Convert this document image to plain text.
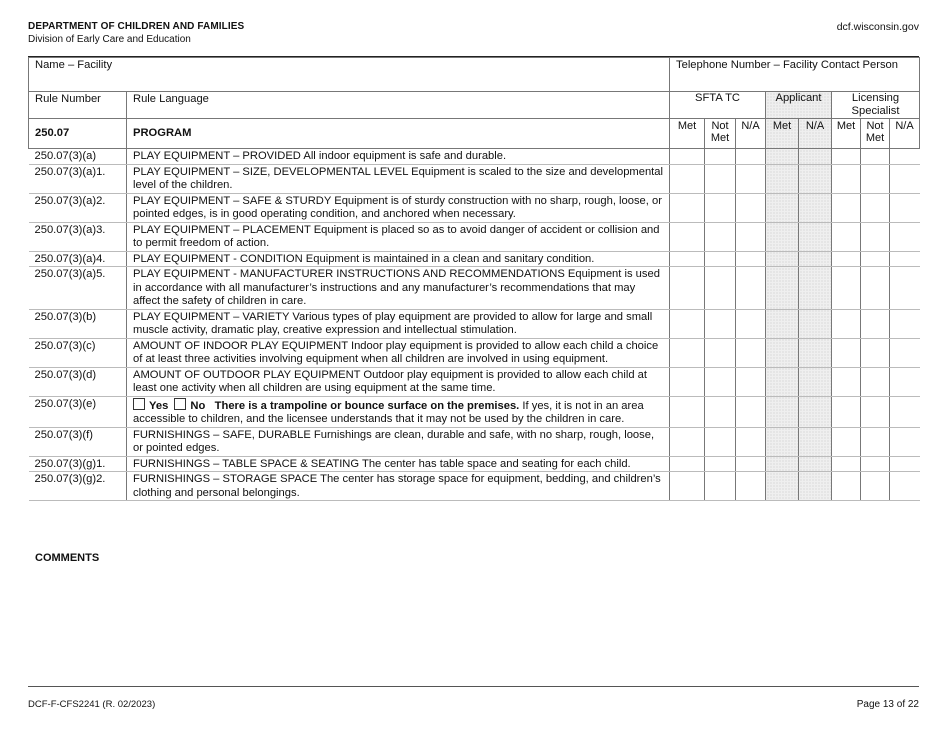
DEPARTMENT OF CHILDREN AND FAMILIES
Division of Early Care and Education
dcf.wisconsin.gov
Name – Facility		Telephone Number – Facility Contact Person							
Rule Number	Rule Language	SFTA TC			Applicant		Licensing Specialist		
250.07	PROGRAM	Met	Not Met	N/A	Met	N/A	Met	Not Met	N/A
250.07(3)(a)	PLAY EQUIPMENT – PROVIDED All indoor equipment is safe and durable.								
250.07(3)(a)1.	PLAY EQUIPMENT – SIZE, DEVELOPMENTAL LEVEL Equipment is scaled to the size and developmental level of the children.								
250.07(3)(a)2.	PLAY EQUIPMENT – SAFE & STURDY Equipment is of sturdy construction with no sharp, rough, loose, or pointed edges, is in good operating condition, and anchored when necessary.								
250.07(3)(a)3.	PLAY EQUIPMENT – PLACEMENT Equipment is placed so as to avoid danger of accident or collision and to permit freedom of action.								
250.07(3)(a)4.	PLAY EQUIPMENT - CONDITION Equipment is maintained in a clean and sanitary condition.								
250.07(3)(a)5.	PLAY EQUIPMENT - MANUFACTURER INSTRUCTIONS AND RECOMMENDATIONS Equipment is used in accordance with all manufacturer’s instructions and any manufacturer’s recommendations that may affect the safety of children in care.								
250.07(3)(b)	PLAY EQUIPMENT – VARIETY Various types of play equipment are provided to allow for large and small muscle activity, dramatic play, creative expression and intellectual stimulation.								
250.07(3)(c)	AMOUNT OF INDOOR PLAY EQUIPMENT Indoor play equipment is provided to allow each child a choice of at least three activities involving equipment when all children are involved in using equipment.								
250.07(3)(d)	AMOUNT OF OUTDOOR PLAY EQUIPMENT Outdoor play equipment is provided to allow each child at least one activity when all children are using equipment at the same time.								
250.07(3)(e)	Yes No There is a trampoline or bounce surface on the premises. If yes, it is not in an area accessible to children, and the licensee understands that it may not be used by the children in care.								
250.07(3)(f)	FURNISHINGS – SAFE, DURABLE Furnishings are clean, durable and safe, with no sharp, rough, loose, or pointed edges.								
250.07(3)(g)1.	FURNISHINGS – TABLE SPACE & SEATING The center has table space and seating for each child.								
250.07(3)(g)2.	FURNISHINGS – STORAGE SPACE The center has storage space for equipment, bedding, and children’s clothing and personal belongings.								
COMMENTS
DCF-F-CFS2241 (R. 02/2023)	Page 13 of 22
